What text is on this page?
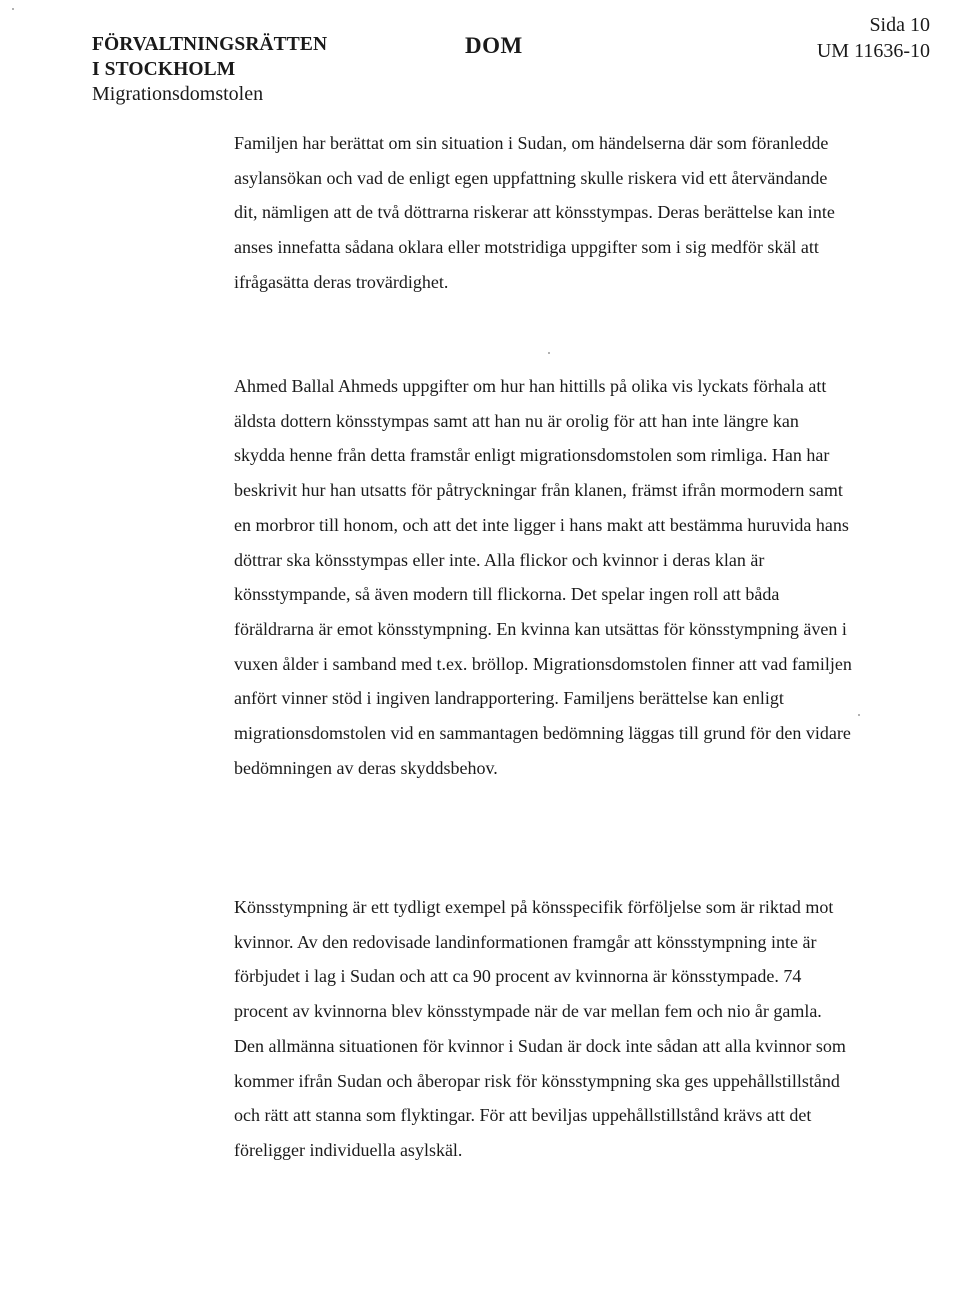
FÖRVALTNINGSRÄTTEN
I STOCKHOLM
Migrationsdomstolen
DOM
Sida 10
UM 11636-10

Familjen har berättat om sin situation i Sudan, om händelserna där som föranledde asylansökan och vad de enligt egen uppfattning skulle riskera vid ett återvändande dit, nämligen att de två döttrarna riskerar att könsstympas. Deras berättelse kan inte anses innefatta sådana oklara eller motstridiga uppgifter som i sig medför skäl att ifrågasätta deras trovärdighet.

Ahmed Ballal Ahmeds uppgifter om hur han hittills på olika vis lyckats förhala att äldsta dottern könsstympas samt att han nu är orolig för att han inte längre kan skydda henne från detta framstår enligt migrationsdomstolen som rimliga. Han har beskrivit hur han utsatts för påtryckningar från klanen, främst ifrån mormodern samt en morbror till honom, och att det inte ligger i hans makt att bestämma huruvida hans döttrar ska könsstympas eller inte. Alla flickor och kvinnor i deras klan är könsstympande, så även modern till flickorna. Det spelar ingen roll att båda föräldrarna är emot könsstympning. En kvinna kan utsättas för könsstympning även i vuxen ålder i samband med t.ex. bröllop. Migrationsdomstolen finner att vad familjen anfört vinner stöd i ingiven landrapportering. Familjens berättelse kan enligt migrationsdomstolen vid en sammantagen bedömning läggas till grund för den vidare bedömningen av deras skyddsbehov.

Könsstympning är ett tydligt exempel på könsspecifik förföljelse som är riktad mot kvinnor. Av den redovisade landinformationen framgår att könsstympning inte är förbjudet i lag i Sudan och att ca 90 procent av kvinnorna är könsstympade. 74 procent av kvinnorna blev könsstympade när de var mellan fem och nio år gamla. Den allmänna situationen för kvinnor i Sudan är dock inte sådan att alla kvinnor som kommer ifrån Sudan och åberopar risk för könsstympning ska ges uppehållstillstånd och rätt att stanna som flyktingar. För att beviljas uppehållstillstånd krävs att det föreligger individuella asylskäl.
